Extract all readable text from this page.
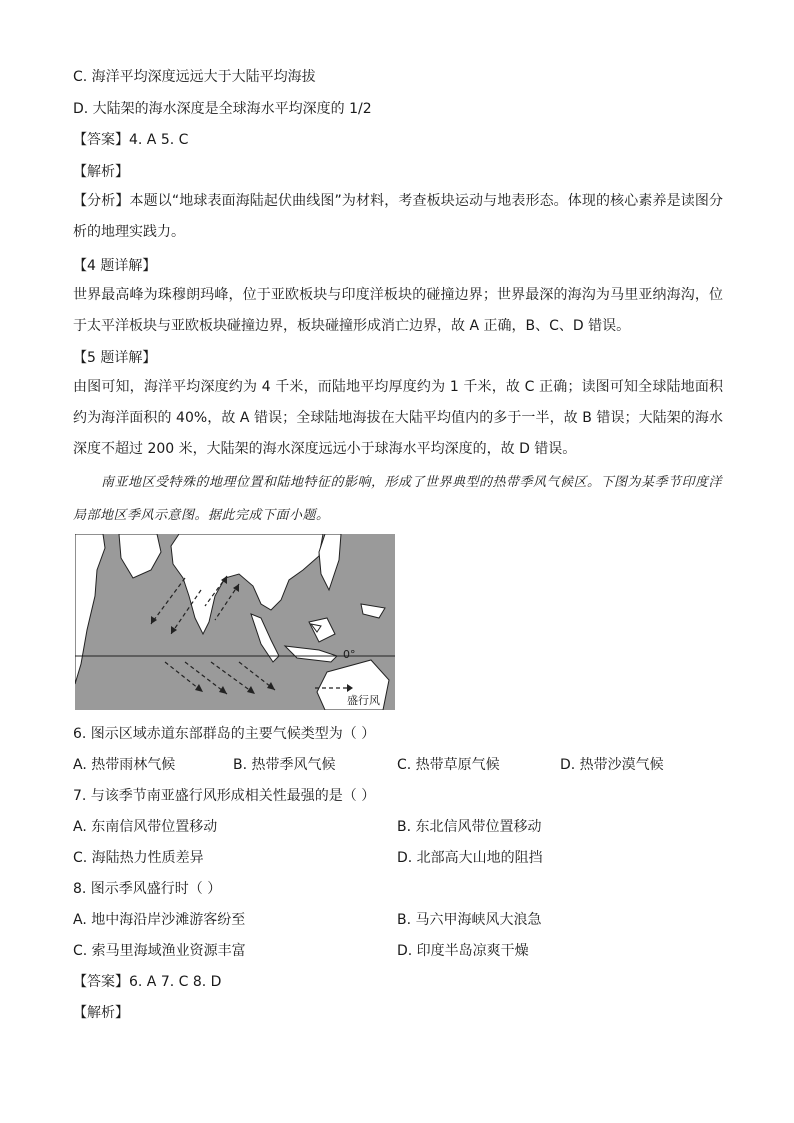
C. 海洋平均深度远远大于大陆平均海拔
D. 大陆架的海水深度是全球海水平均深度的 1/2
【答案】4. A 5. C
【解析】
【分析】本题以“地球表面海陆起伏曲线图”为材料，考查板块运动与地表形态。体现的核心素养是读图分析的地理实践力。
【4 题详解】
世界最高峰为珠穆朗玛峰，位于亚欧板块与印度洋板块的碰撞边界；世界最深的海沟为马里亚纳海沟，位于太平洋板块与亚欧板块碰撞边界，板块碰撞形成消亡边界，故 A 正确，B、C、D 错误。
【5 题详解】
由图可知，海洋平均深度约为 4 千米，而陆地平均厚度约为 1 千米，故 C 正确；读图可知全球陆地面积约为海洋面积的 40%，故 A 错误；全球陆地海拔在大陆平均值内的多于一半，故 B 错误；大陆架的海水深度不超过 200 米，大陆架的海水深度远远小于球海水平均深度的，故 D 错误。
南亚地区受特殊的地理位置和陆地特征的影响，形成了世界典型的热带季风气候区。下图为某季节印度洋局部地区季风示意图。据此完成下面小题。
0°
盛行风
6. 图示区域赤道东部群岛的主要气候类型为（ ）
A. 热带雨林气候	B. 热带季风气候	C. 热带草原气候	D. 热带沙漠气候
7. 与该季节南亚盛行风形成相关性最强的是（ ）
A. 东南信风带位置移动	B. 东北信风带位置移动
C. 海陆热力性质差异	D. 北部高大山地的阻挡
8. 图示季风盛行时（ ）
A. 地中海沿岸沙滩游客纷至	B. 马六甲海峡风大浪急
C. 索马里海域渔业资源丰富	D. 印度半岛凉爽干燥
【答案】6. A 7. C 8. D
【解析】
